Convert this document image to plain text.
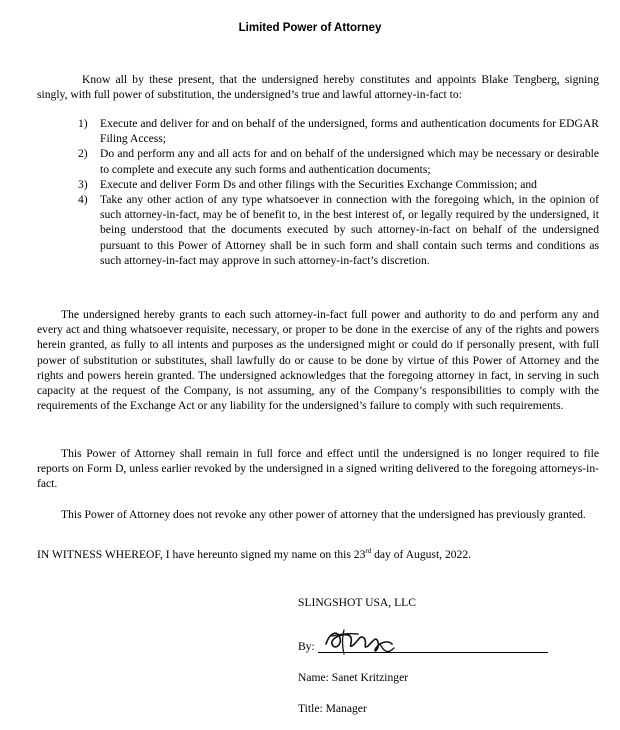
Limited Power of Attorney

Know all by these present, that the undersigned hereby constitutes and appoints Blake Tengberg, signing singly, with full power of substitution, the undersigned’s true and lawful attorney-in-fact to:

1) Execute and deliver for and on behalf of the undersigned, forms and authentication documents for EDGAR Filing Access;
2) Do and perform any and all acts for and on behalf of the undersigned which may be necessary or desirable to complete and execute any such forms and authentication documents;
3) Execute and deliver Form Ds and other filings with the Securities Exchange Commission; and
4) Take any other action of any type whatsoever in connection with the foregoing which, in the opinion of such attorney-in-fact, may be of benefit to, in the best interest of, or legally required by the undersigned, it being understood that the documents executed by such attorney-in-fact on behalf of the undersigned pursuant to this Power of Attorney shall be in such form and shall contain such terms and conditions as such attorney-in-fact may approve in such attorney-in-fact’s discretion.

The undersigned hereby grants to each such attorney-in-fact full power and authority to do and perform any and every act and thing whatsoever requisite, necessary, or proper to be done in the exercise of any of the rights and powers herein granted, as fully to all intents and purposes as the undersigned might or could do if personally present, with full power of substitution or substitutes, shall lawfully do or cause to be done by virtue of this Power of Attorney and the rights and powers herein granted. The undersigned acknowledges that the foregoing attorney in fact, in serving in such capacity at the request of the Company, is not assuming, any of the Company’s responsibilities to comply with the requirements of the Exchange Act or any liability for the undersigned’s failure to comply with such requirements.

This Power of Attorney shall remain in full force and effect until the undersigned is no longer required to file reports on Form D, unless earlier revoked by the undersigned in a signed writing delivered to the foregoing attorneys-in-fact.

This Power of Attorney does not revoke any other power of attorney that the undersigned has previously granted.

IN WITNESS WHEREOF, I have hereunto signed my name on this 23rd day of August, 2022.

SLINGSHOT USA, LLC
By:
Name: Sanet Kritzinger
Title: Manager
